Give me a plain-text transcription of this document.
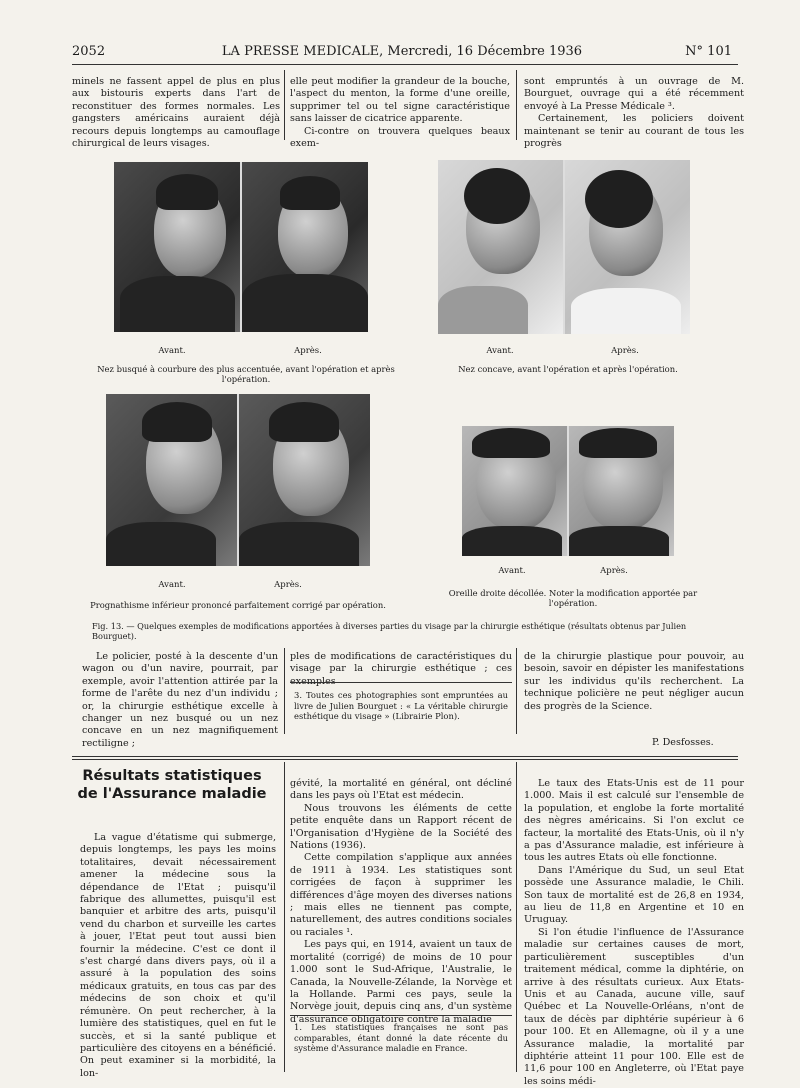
2052	LA PRESSE MEDICALE, Mercredi, 16 Décembre 1936	N° 101

minels ne fassent appel de plus en plus aux bistouris experts dans l'art de reconstituer des formes normales. Les gangsters américains auraient déjà recours depuis longtemps au camouflage chirurgical de leurs visages.

elle peut modifier la grandeur de la bouche, l'aspect du menton, la forme d'une oreille, supprimer tel ou tel signe caractéristique sans laisser de cicatrice apparente.

Ci-contre on trouvera quelques beaux exem-

sont empruntés à un ouvrage de M. Bourguet, ouvrage qui a été récemment envoyé à La Presse Médicale ³.

Certainement, les policiers doivent maintenant se tenir au courant de tous les progrès

Avant.	Après.
Nez busqué à courbure des plus accentuée, avant l'opération et après l'opération.
Avant.	Après.
Nez concave, avant l'opération et après l'opération.
Avant.	Après.
Prognathisme inférieur prononcé parfaitement corrigé par opération.
Avant.	Après.
Oreille droite décollée. Noter la modification apportée par l'opération.
Fig. 13. — Quelques exemples de modifications apportées à diverses parties du visage par la chirurgie esthétique (résultats obtenus par Julien Bourguet).

Le policier, posté à la descente d'un wagon ou d'un navire, pourrait, par exemple, avoir l'attention attirée par la forme de l'arête du nez d'un individu ; or, la chirurgie esthétique excelle à changer un nez busqué ou un nez concave en un nez magnifiquement rectiligne ;

ples de modifications de caractéristiques du visage par la chirurgie esthétique ; ces exemples

3. Toutes ces photographies sont empruntées au livre de Julien Bourguet : « La véritable chirurgie esthétique du visage » (Librairie Plon).

de la chirurgie plastique pour pouvoir, au besoin, savoir en dépister les manifestations sur les individus qu'ils recherchent. La technique policière ne peut négliger aucun des progrès de la Science.

P. Desfosses.
Résultats statistiques
de l'Assurance maladie

La vague d'étatisme qui submerge, depuis longtemps, les pays les moins totalitaires, devait nécessairement amener la médecine sous la dépendance de l'Etat ; puisqu'il fabrique des allumettes, puisqu'il est banquier et arbitre des arts, puisqu'il vend du charbon et surveille les cartes à jouer, l'Etat peut tout aussi bien fournir la médecine. C'est ce dont il s'est chargé dans divers pays, où il a assuré à la population des soins médicaux gratuits, en tous cas par des médecins de son choix et qu'il rémunère. On peut rechercher, à la lumière des statistiques, quel en fut le succès, et si la santé publique et particulière des citoyens en a bénéficié. On peut examiner si la morbidité, la lon-

gévité, la mortalité en général, ont décliné dans les pays où l'Etat est médecin.

Nous trouvons les éléments de cette petite enquête dans un Rapport récent de l'Organisation d'Hygiène de la Société des Nations (1936).

Cette compilation s'applique aux années de 1911 à 1934. Les statistiques sont corrigées de façon à supprimer les différences d'âge moyen des diverses nations ; mais elles ne tiennent pas compte, naturellement, des autres conditions sociales ou raciales ¹.

Les pays qui, en 1914, avaient un taux de mortalité (corrigé) de moins de 10 pour 1.000 sont le Sud-Afrique, l'Australie, le Canada, la Nouvelle-Zélande, la Norvège et la Hollande. Parmi ces pays, seule la Norvège jouit, depuis cinq ans, d'un système d'assurance obligatoire contre la maladie

1. Les statistiques françaises ne sont pas comparables, étant donné la date récente du système d'Assurance maladie en France.

Le taux des Etats-Unis est de 11 pour 1.000. Mais il est calculé sur l'ensemble de la population, et englobe la forte mortalité des nègres américains. Si l'on exclut ce facteur, la mortalité des Etats-Unis, où il n'y a pas d'Assurance maladie, est inférieure à tous les autres Etats où elle fonctionne.

Dans l'Amérique du Sud, un seul Etat possède une Assurance maladie, le Chili. Son taux de mortalité est de 26,8 en 1934, au lieu de 11,8 en Argentine et 10 en Uruguay.

Si l'on étudie l'influence de l'Assurance maladie sur certaines causes de mort, particulièrement susceptibles d'un traitement médical, comme la diphtérie, on arrive à des résultats curieux. Aux Etats-Unis et au Canada, aucune ville, sauf Québec et La Nouvelle-Orléans, n'ont de taux de décès par diphtérie supérieur à 6 pour 100. Et en Allemagne, où il y a une Assurance maladie, la mortalité par diphtérie atteint 11 pour 100. Elle est de 11,6 pour 100 en Angleterre, où l'Etat paye les soins médi-
